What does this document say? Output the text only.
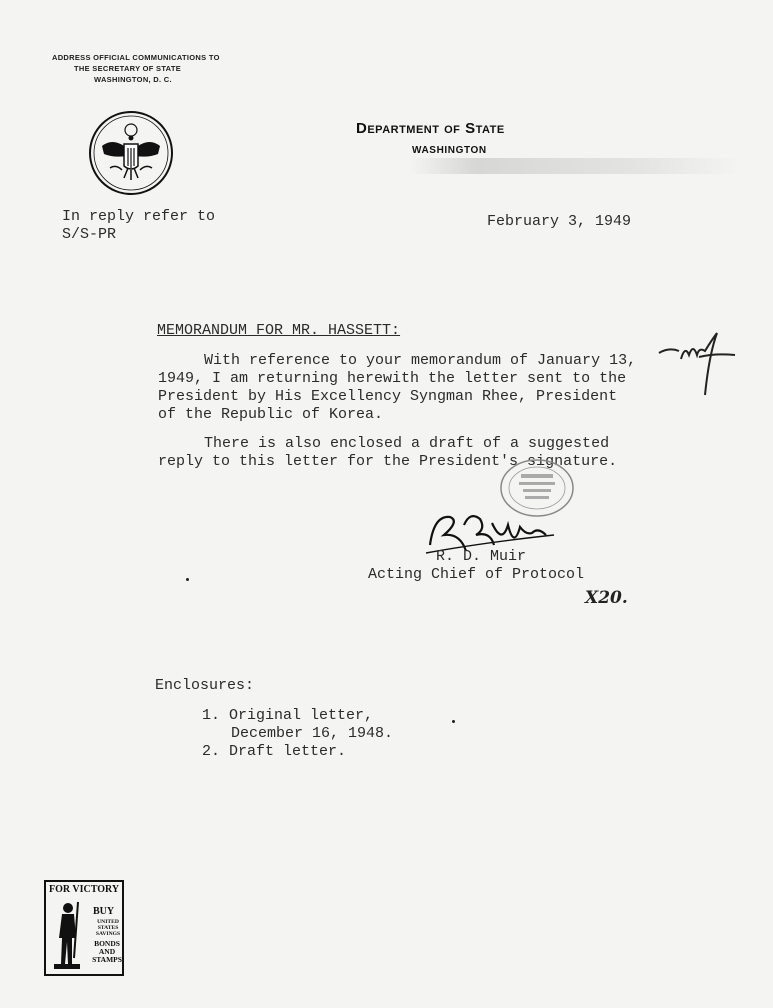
ADDRESS OFFICIAL COMMUNICATIONS TO
THE SECRETARY OF STATE
WASHINGTON, D. C.
Department of State
WASHINGTON
In reply refer to
S/S-PR
February 3, 1949
MEMORANDUM FOR MR. HASSETT:
With reference to your memorandum of January 13,
1949, I am returning herewith the letter sent to the
President by His Excellency Syngman Rhee, President
of the Republic of Korea.
There is also enclosed a draft of a suggested
reply to this letter for the President's signature.
R. D. Muir
Acting Chief of Protocol
X20.
Enclosures:
1. Original letter,
December 16, 1948.
2. Draft letter.
FOR VICTORY
BUY
UNITED
STATES
SAVINGS
BONDS
AND
STAMPS
